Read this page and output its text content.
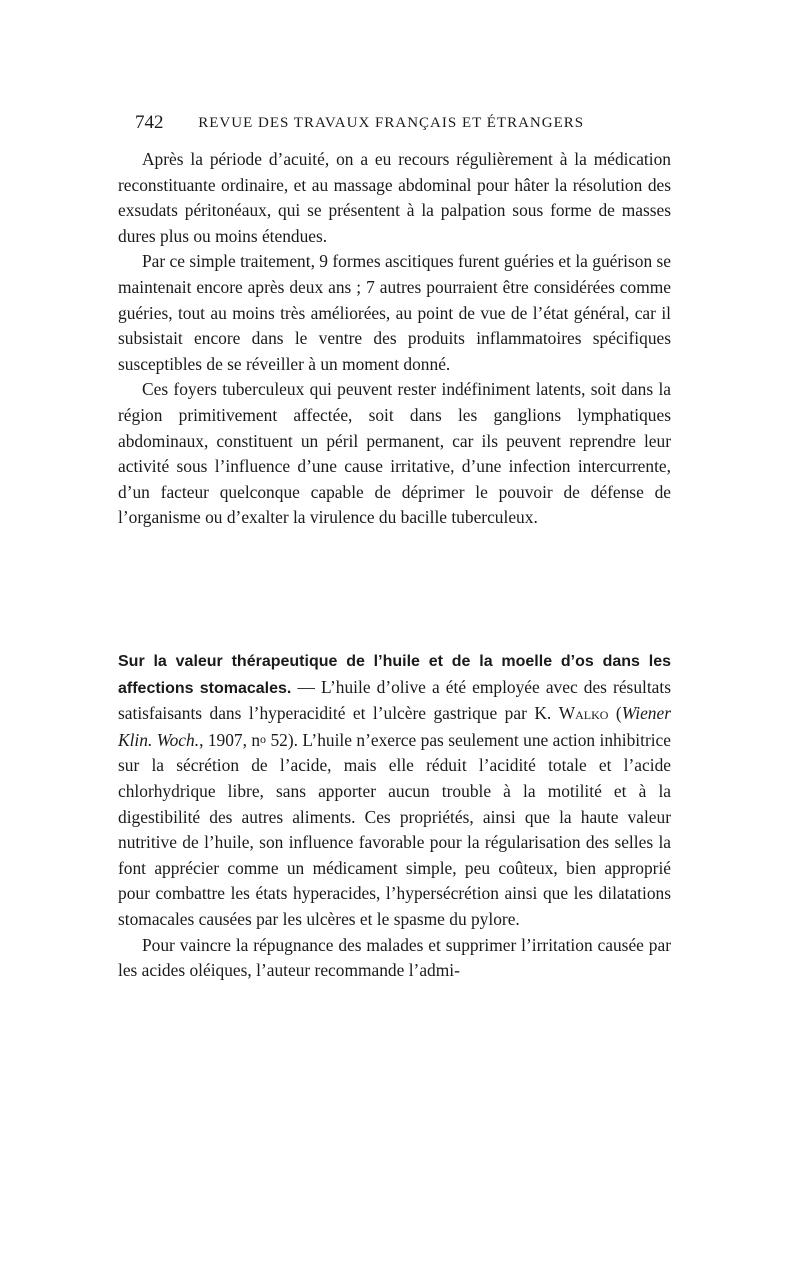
742 REVUE DES TRAVAUX FRANÇAIS ET ÉTRANGERS

Après la période d’acuité, on a eu recours régulièrement à la médication reconstituante ordinaire, et au massage abdominal pour hâter la résolution des exsudats péritonéaux, qui se présentent à la palpation sous forme de masses dures plus ou moins étendues.

Par ce simple traitement, 9 formes ascitiques furent guéries et la guérison se maintenait encore après deux ans ; 7 autres pourraient être considérées comme guéries, tout au moins très améliorées, au point de vue de l’état général, car il subsistait encore dans le ventre des produits inflammatoires spécifiques susceptibles de se réveiller à un moment donné.

Ces foyers tuberculeux qui peuvent rester indéfiniment latents, soit dans la région primitivement affectée, soit dans les ganglions lymphatiques abdominaux, constituent un péril permanent, car ils peuvent reprendre leur activité sous l’influence d’une cause irritative, d’une infection intercurrente, d’un facteur quelconque capable de déprimer le pouvoir de défense de l’organisme ou d’exalter la virulence du bacille tuberculeux.

Sur la valeur thérapeutique de l’huile et de la moelle d’os dans les affections stomacales. — L’huile d’olive a été employée avec des résultats satisfaisants dans l’hyperacidité et l’ulcère gastrique par K. Walko (Wiener Klin. Woch., 1907, $n^o$ 52). L’huile n’exerce pas seulement une action inhibitrice sur la sécrétion de l’acide, mais elle réduit l’acidité totale et l’acide chlorhydrique libre, sans apporter aucun trouble à la motilité et à la digestibilité des autres aliments. Ces propriétés, ainsi que la haute valeur nutritive de l’huile, son influence favorable pour la régularisation des selles la font apprécier comme un médicament simple, peu coûteux, bien approprié pour combattre les états hyperacides, l’hypersécrétion ainsi que les dilatations stomacales causées par les ulcères et le spasme du pylore.

Pour vaincre la répugnance des malades et supprimer l’irritation causée par les acides oléiques, l’auteur recommande l’admi-
